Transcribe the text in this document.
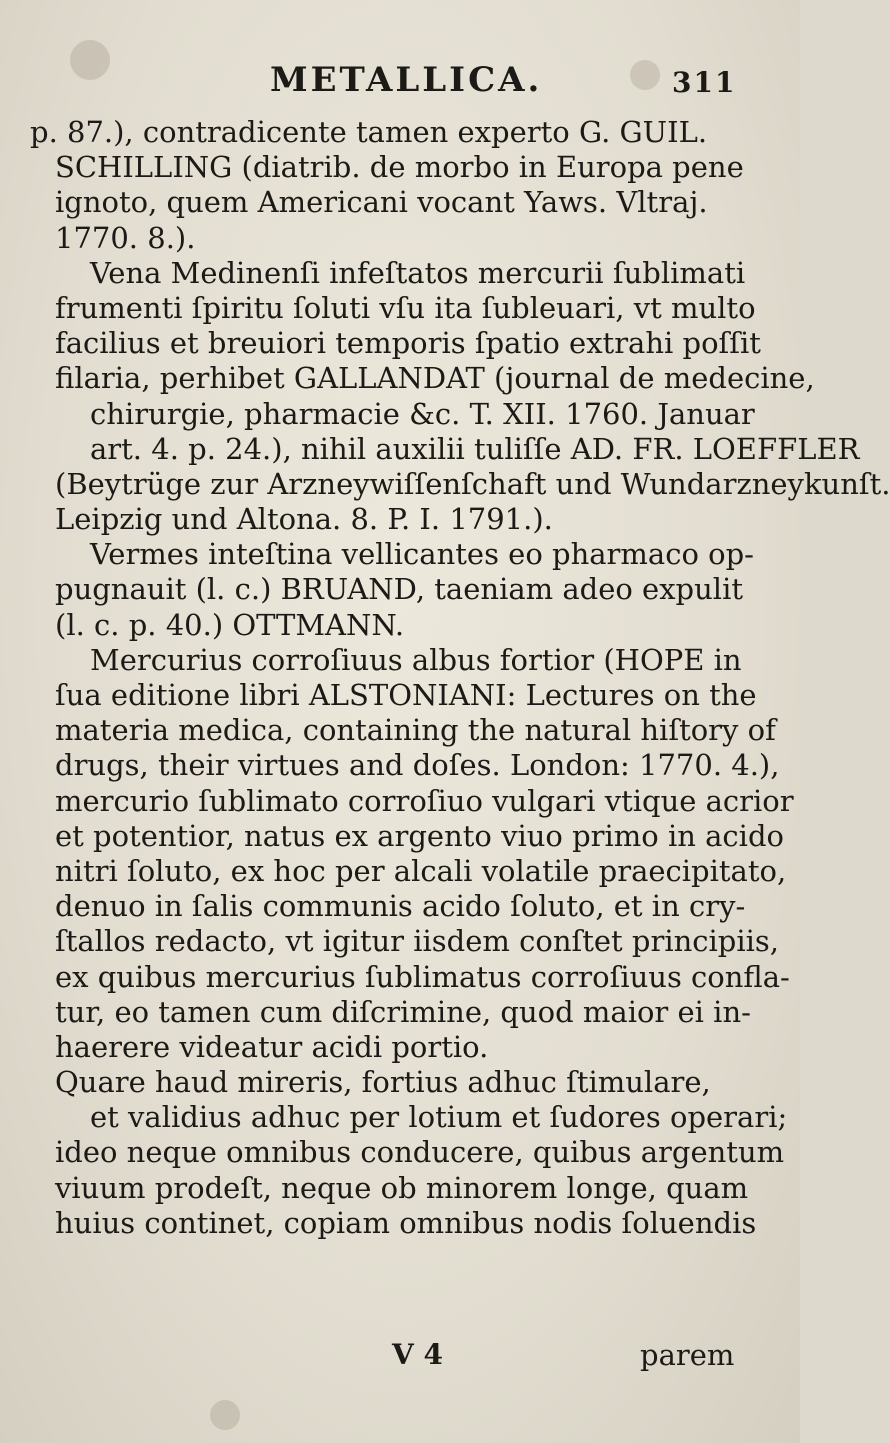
METALLICA.	311
p. 87.), contradicente tamen experto G. GUIL.
SCHILLING (diatrib. de morbo in Europa pene
ignoto, quem Americani vocant Yaws. Vltraj.
1770. 8.).
Vena Medinenſi infeſtatos mercurii ſublimati
frumenti ſpiritu ſoluti vſu ita ſubleuari, vt multo
facilius et breuiori temporis ſpatio extrahi poſſit
filaria, perhibet GALLANDAT (journal de medecine,
chirurgie, pharmacie &c. T. XII. 1760. Januar
art. 4. p. 24.), nihil auxilii tuliſſe AD. FR. LOEFFLER
(Beytrüge zur Arzneywiſſenſchaft und Wundarzneykunſt.
Leipzig und Altona. 8. P. I. 1791.).
Vermes inteſtina vellicantes eo pharmaco op-
pugnauit (l. c.) BRUAND, taeniam adeo expulit
(l. c. p. 40.) OTTMANN.
Mercurius corroſiuus albus fortior (HOPE in
ſua editione libri ALSTONIANI: Lectures on the
materia medica, containing the natural hiſtory of
drugs, their virtues and doſes. London: 1770. 4.),
mercurio ſublimato corroſiuo vulgari vtique acrior
et potentior, natus ex argento viuo primo in acido
nitri ſoluto, ex hoc per alcali volatile praecipitato,
denuo in ſalis communis acido ſoluto, et in cry-
ſtallos redacto, vt igitur iisdem conſtet principiis,
ex quibus mercurius ſublimatus corroſiuus confla-
tur, eo tamen cum diſcrimine, quod maior ei in-
haerere videatur acidi portio.
Quare haud mireris, fortius adhuc ſtimulare,
et validius adhuc per lotium et ſudores operari;
ideo neque omnibus conducere, quibus argentum
viuum prodeſt, neque ob minorem longe, quam
huius continet, copiam omnibus nodis ſoluendis
V 4	parem
